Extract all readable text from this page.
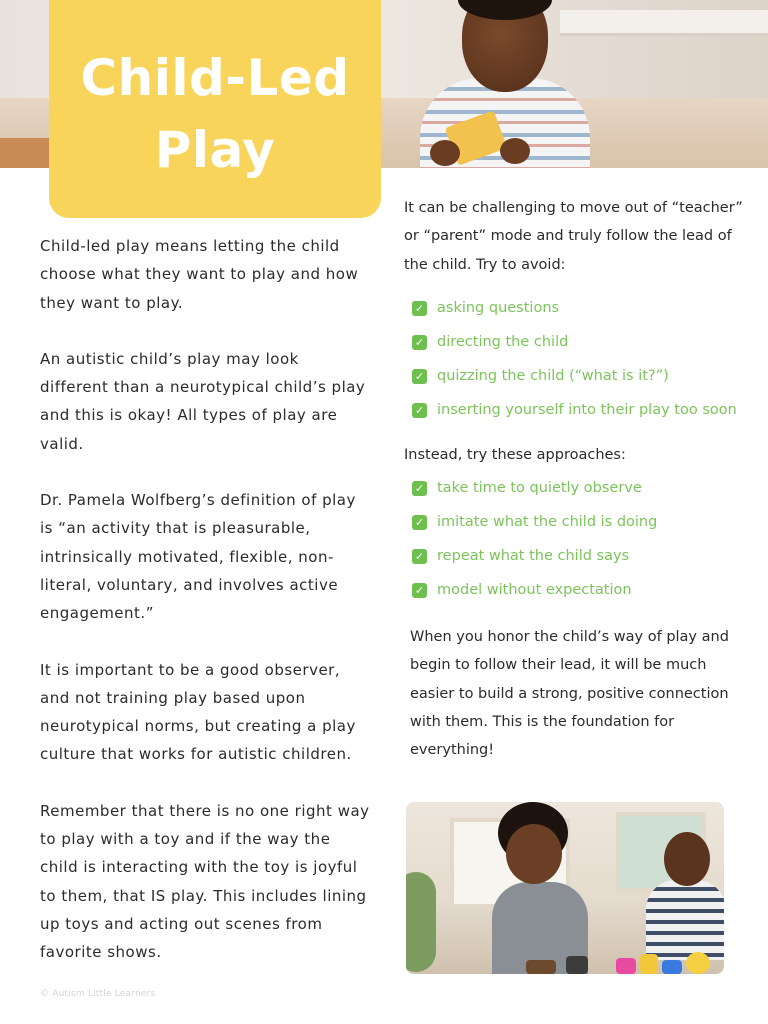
Child-Led
Play

Child-led play means letting the child choose what they want to play and how they want to play.

An autistic child’s play may look different than a neurotypical child’s play and this is okay! All types of play are valid.

Dr. Pamela Wolfberg’s definition of play is “an activity that is pleasurable, intrinsically motivated, flexible, non-literal, voluntary, and involves active engagement.”

It is important to be a good observer, and not training play based upon neurotypical norms, but creating a play culture that works for autistic children.

Remember that there is no one right way to play with a toy and if the way the child is interacting with the toy is joyful to them, that IS play. This includes lining up toys and acting out scenes from favorite shows.

It can be challenging to move out of “teacher” or “parent” mode and truly follow the lead of the child. Try to avoid:

✓ asking questions
✓ directing the child
✓ quizzing the child (“what is it?”)
✓ inserting yourself into their play too soon

Instead, try these approaches:

✓ take time to quietly observe
✓ imitate what the child is doing
✓ repeat what the child says
✓ model without expectation

When you honor the child’s way of play and begin to follow their lead, it will be much easier to build a strong, positive connection with them. This is the foundation for everything!

© Autism Little Learners
